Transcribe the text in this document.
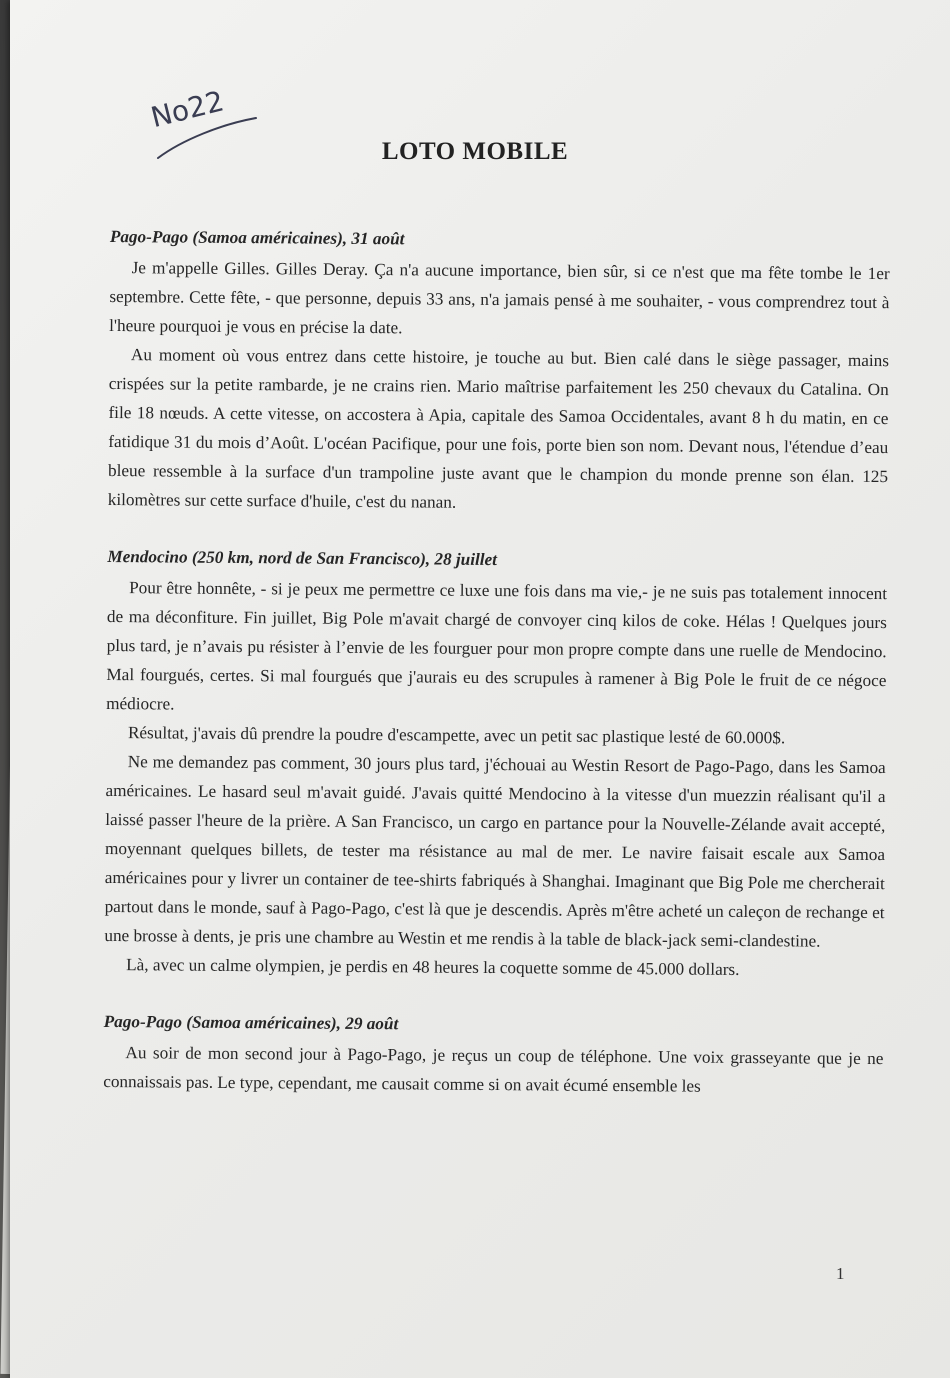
No22
LOTO MOBILE

Pago-Pago (Samoa américaines), 31 août

Je m'appelle Gilles. Gilles Deray. Ça n'a aucune importance, bien sûr, si ce n'est que ma fête tombe le 1er septembre. Cette fête, - que personne, depuis 33 ans, n'a jamais pensé à me souhaiter, - vous comprendrez tout à l'heure pourquoi je vous en précise la date.

Au moment où vous entrez dans cette histoire, je touche au but. Bien calé dans le siège passager, mains crispées sur la petite rambarde, je ne crains rien. Mario maîtrise parfaitement les 250 chevaux du Catalina. On file 18 nœuds. A cette vitesse, on accostera à Apia, capitale des Samoa Occidentales, avant 8 h du matin, en ce fatidique 31 du mois d’Août. L'océan Pacifique, pour une fois, porte bien son nom. Devant nous, l'étendue d’eau bleue ressemble à la surface d'un trampoline juste avant que le champion du monde prenne son élan. 125 kilomètres sur cette surface d'huile, c'est du nanan.

Mendocino (250 km, nord de San Francisco), 28 juillet

Pour être honnête, - si je peux me permettre ce luxe une fois dans ma vie,- je ne suis pas totalement innocent de ma déconfiture. Fin juillet, Big Pole m'avait chargé de convoyer cinq kilos de coke. Hélas ! Quelques jours plus tard, je n’avais pu résister à l’envie de les fourguer pour mon propre compte dans une ruelle de Mendocino. Mal fourgués, certes. Si mal fourgués que j'aurais eu des scrupules à ramener à Big Pole le fruit de ce négoce médiocre.

Résultat, j'avais dû prendre la poudre d'escampette, avec un petit sac plastique lesté de 60.000$.

Ne me demandez pas comment, 30 jours plus tard, j'échouai au Westin Resort de Pago-Pago, dans les Samoa américaines. Le hasard seul m'avait guidé. J'avais quitté Mendocino à la vitesse d'un muezzin réalisant qu'il a laissé passer l'heure de la prière. A San Francisco, un cargo en partance pour la Nouvelle-Zélande avait accepté, moyennant quelques billets, de tester ma résistance au mal de mer. Le navire faisait escale aux Samoa américaines pour y livrer un container de tee-shirts fabriqués à Shanghai. Imaginant que Big Pole me chercherait partout dans le monde, sauf à Pago-Pago, c'est là que je descendis. Après m'être acheté un caleçon de rechange et une brosse à dents, je pris une chambre au Westin et me rendis à la table de black-jack semi-clandestine.

Là, avec un calme olympien, je perdis en 48 heures la coquette somme de 45.000 dollars.

Pago-Pago (Samoa américaines), 29 août

Au soir de mon second jour à Pago-Pago, je reçus un coup de téléphone. Une voix grasseyante que je ne connaissais pas. Le type, cependant, me causait comme si on avait écumé ensemble les

1
